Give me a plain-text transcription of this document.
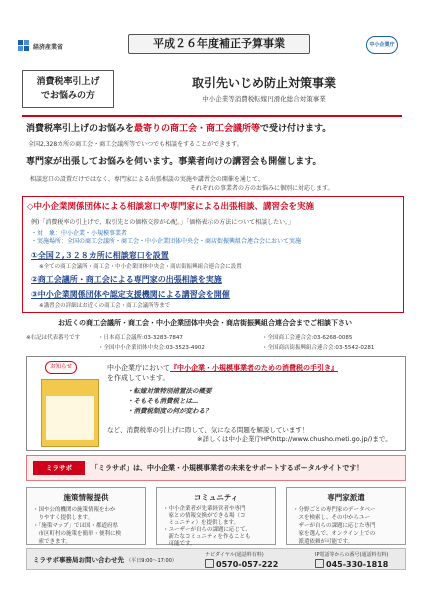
経済産業省	平成２６年度補正予算事業	中小企業庁
消費税率引上げ
でお悩みの方
取引先いじめ防止対策事業
中小企業等消費税転嫁円滑化総合対策事業
消費税率引上げのお悩みを最寄りの商工会・商工会議所等で受け付けます。
全国2,328カ所の商工会・商工会議所等でいつでも相談をすることができます。
専門家が出張してお悩みを伺います。事業者向けの講習会も開催します。
相談窓口の設置だけではなく、専門家による出張相談の実施や講習会の開催を通じて、
それぞれの事業者の方のお悩みに個別に対応します。
◇中小企業関係団体による相談窓口や専門家による出張相談、講習会を実施
例)「消費税率の引上げで、取引先との価格交渉が心配。」「価格表示の方法について相談したい。」
・対　象：中小企業・小規模事業者
・実施場所：全国の商工会議所・商工会・中小企業団体中央会・商店街振興組合連合会において実施
①全国２,３２８カ所に相談窓口を設置
※全ての商工会議所・商工会・中小企業団体中央会・商店街振興組合連合会に設置
②商工会議所・商工会による専門家の出張相談を実施
③中小企業関係団体や認定支援機関による講習会を開催
※講習会の詳細はお近くの商工会・商工会議所等まで
お近くの商工会議所・商工会・中小企業団体中央会・商店街振興組合連合会までご相談下さい
※右記は代表番号です	・日本商工会議所:03-3283-7847	・全国商工会連合会:03-6268-0085
・全国中小企業団体中央会:03-3523-4902	・全国商店街振興組合連合会:03-5542-0281
お知らせ	中小企業庁において『中小企業・小規模事業者のための消費税の手引き』
を作成しています。
・転嫁対策特別措置法の概要
・そもそも消費税とは…
・消費税制度の何が変わる？
など、消費税率の引上げに際して、気になる問題を解説しています！
※詳しくは中小企業庁HP(http://www.chusho.meti.go.jp/)まで。
ミラサポ	「ミラサポ」は、中小企業・小規模事業者の未来をサポートするポータルサイトです！
施策情報提供
・国や公的機関の施策情報をわか
　りやすく提供します。
・「施策マップ」では国・都道府県
　市区町村の施策を簡単・便利に検
　索できます。
コミュニティ
・中小企業者が先輩経営者や専門
　家との情報交換ができる場（コ
　ミュニティ）を提供します。
・ユーザーが自らの課題に応じて、
　新たなコミュニティを作ることも
　可能です。
専門家派遣
・分野ごとの専門家のデータベー
　スを検索し、その中からユー
　ザーが自らの課題に応じた専門
　家を選んで、オンライン上での
　派遣依頼が可能です。
ミラサポ事務局お問い合わせ先 （平日9:00〜17:00）
ナビダイヤル(通話料有料)
0570-057-222
IP電話等からの番号(通話料有料)
045-330-1818
